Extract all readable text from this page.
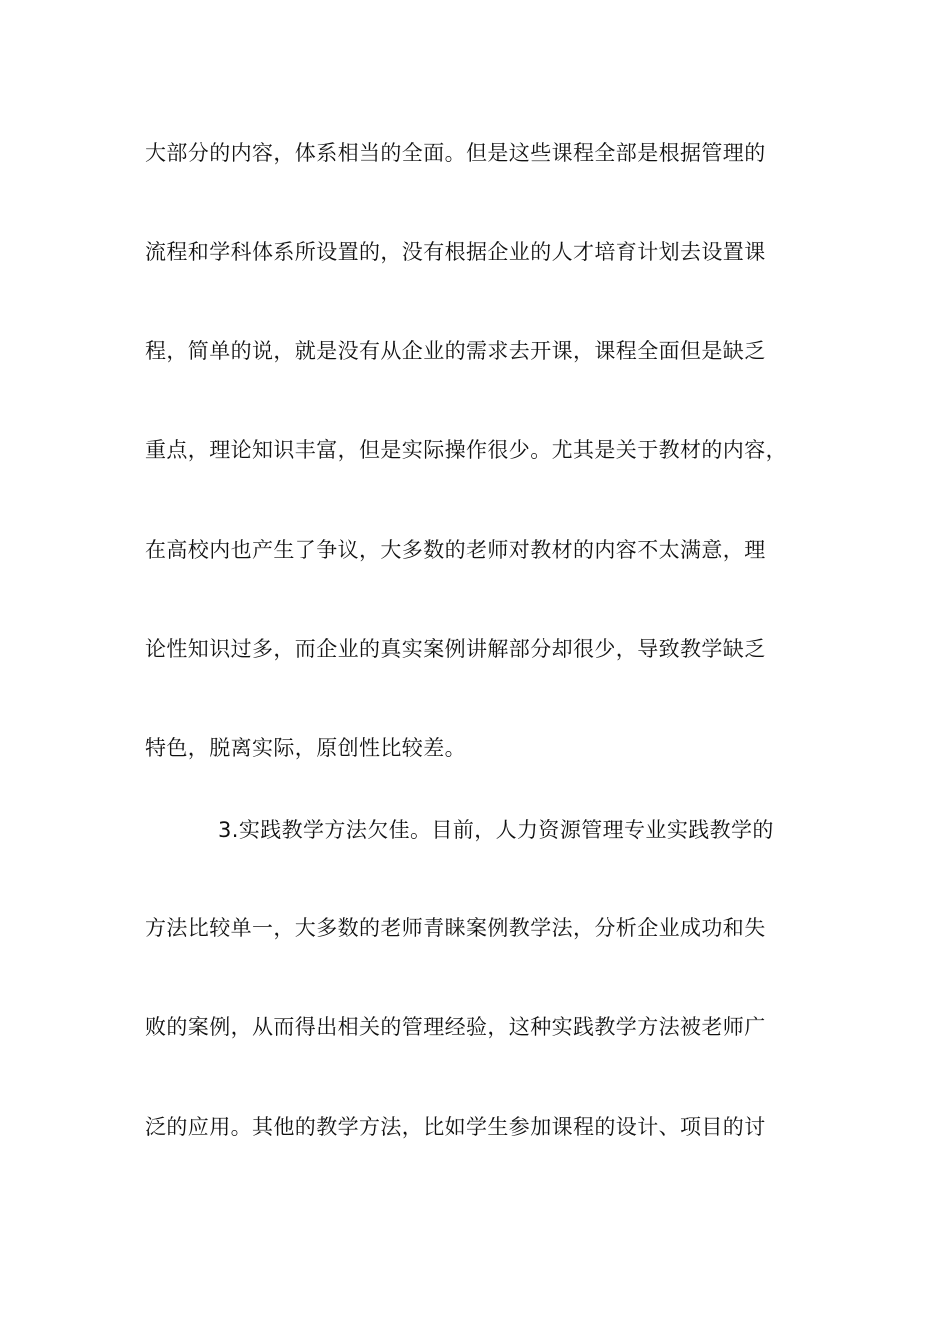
大部分的内容，体系相当的全面。但是这些课程全部是根据管理的
流程和学科体系所设置的，没有根据企业的人才培育计划去设置课
程，简单的说，就是没有从企业的需求去开课，课程全面但是缺乏
重点，理论知识丰富，但是实际操作很少。尤其是关于教材的内容，
在高校内也产生了争议，大多数的老师对教材的内容不太满意，理
论性知识过多，而企业的真实案例讲解部分却很少，导致教学缺乏
特色，脱离实际，原创性比较差。
3.实践教学方法欠佳。目前，人力资源管理专业实践教学的
方法比较单一，大多数的老师青睐案例教学法，分析企业成功和失
败的案例，从而得出相关的管理经验，这种实践教学方法被老师广
泛的应用。其他的教学方法，比如学生参加课程的设计、项目的讨
